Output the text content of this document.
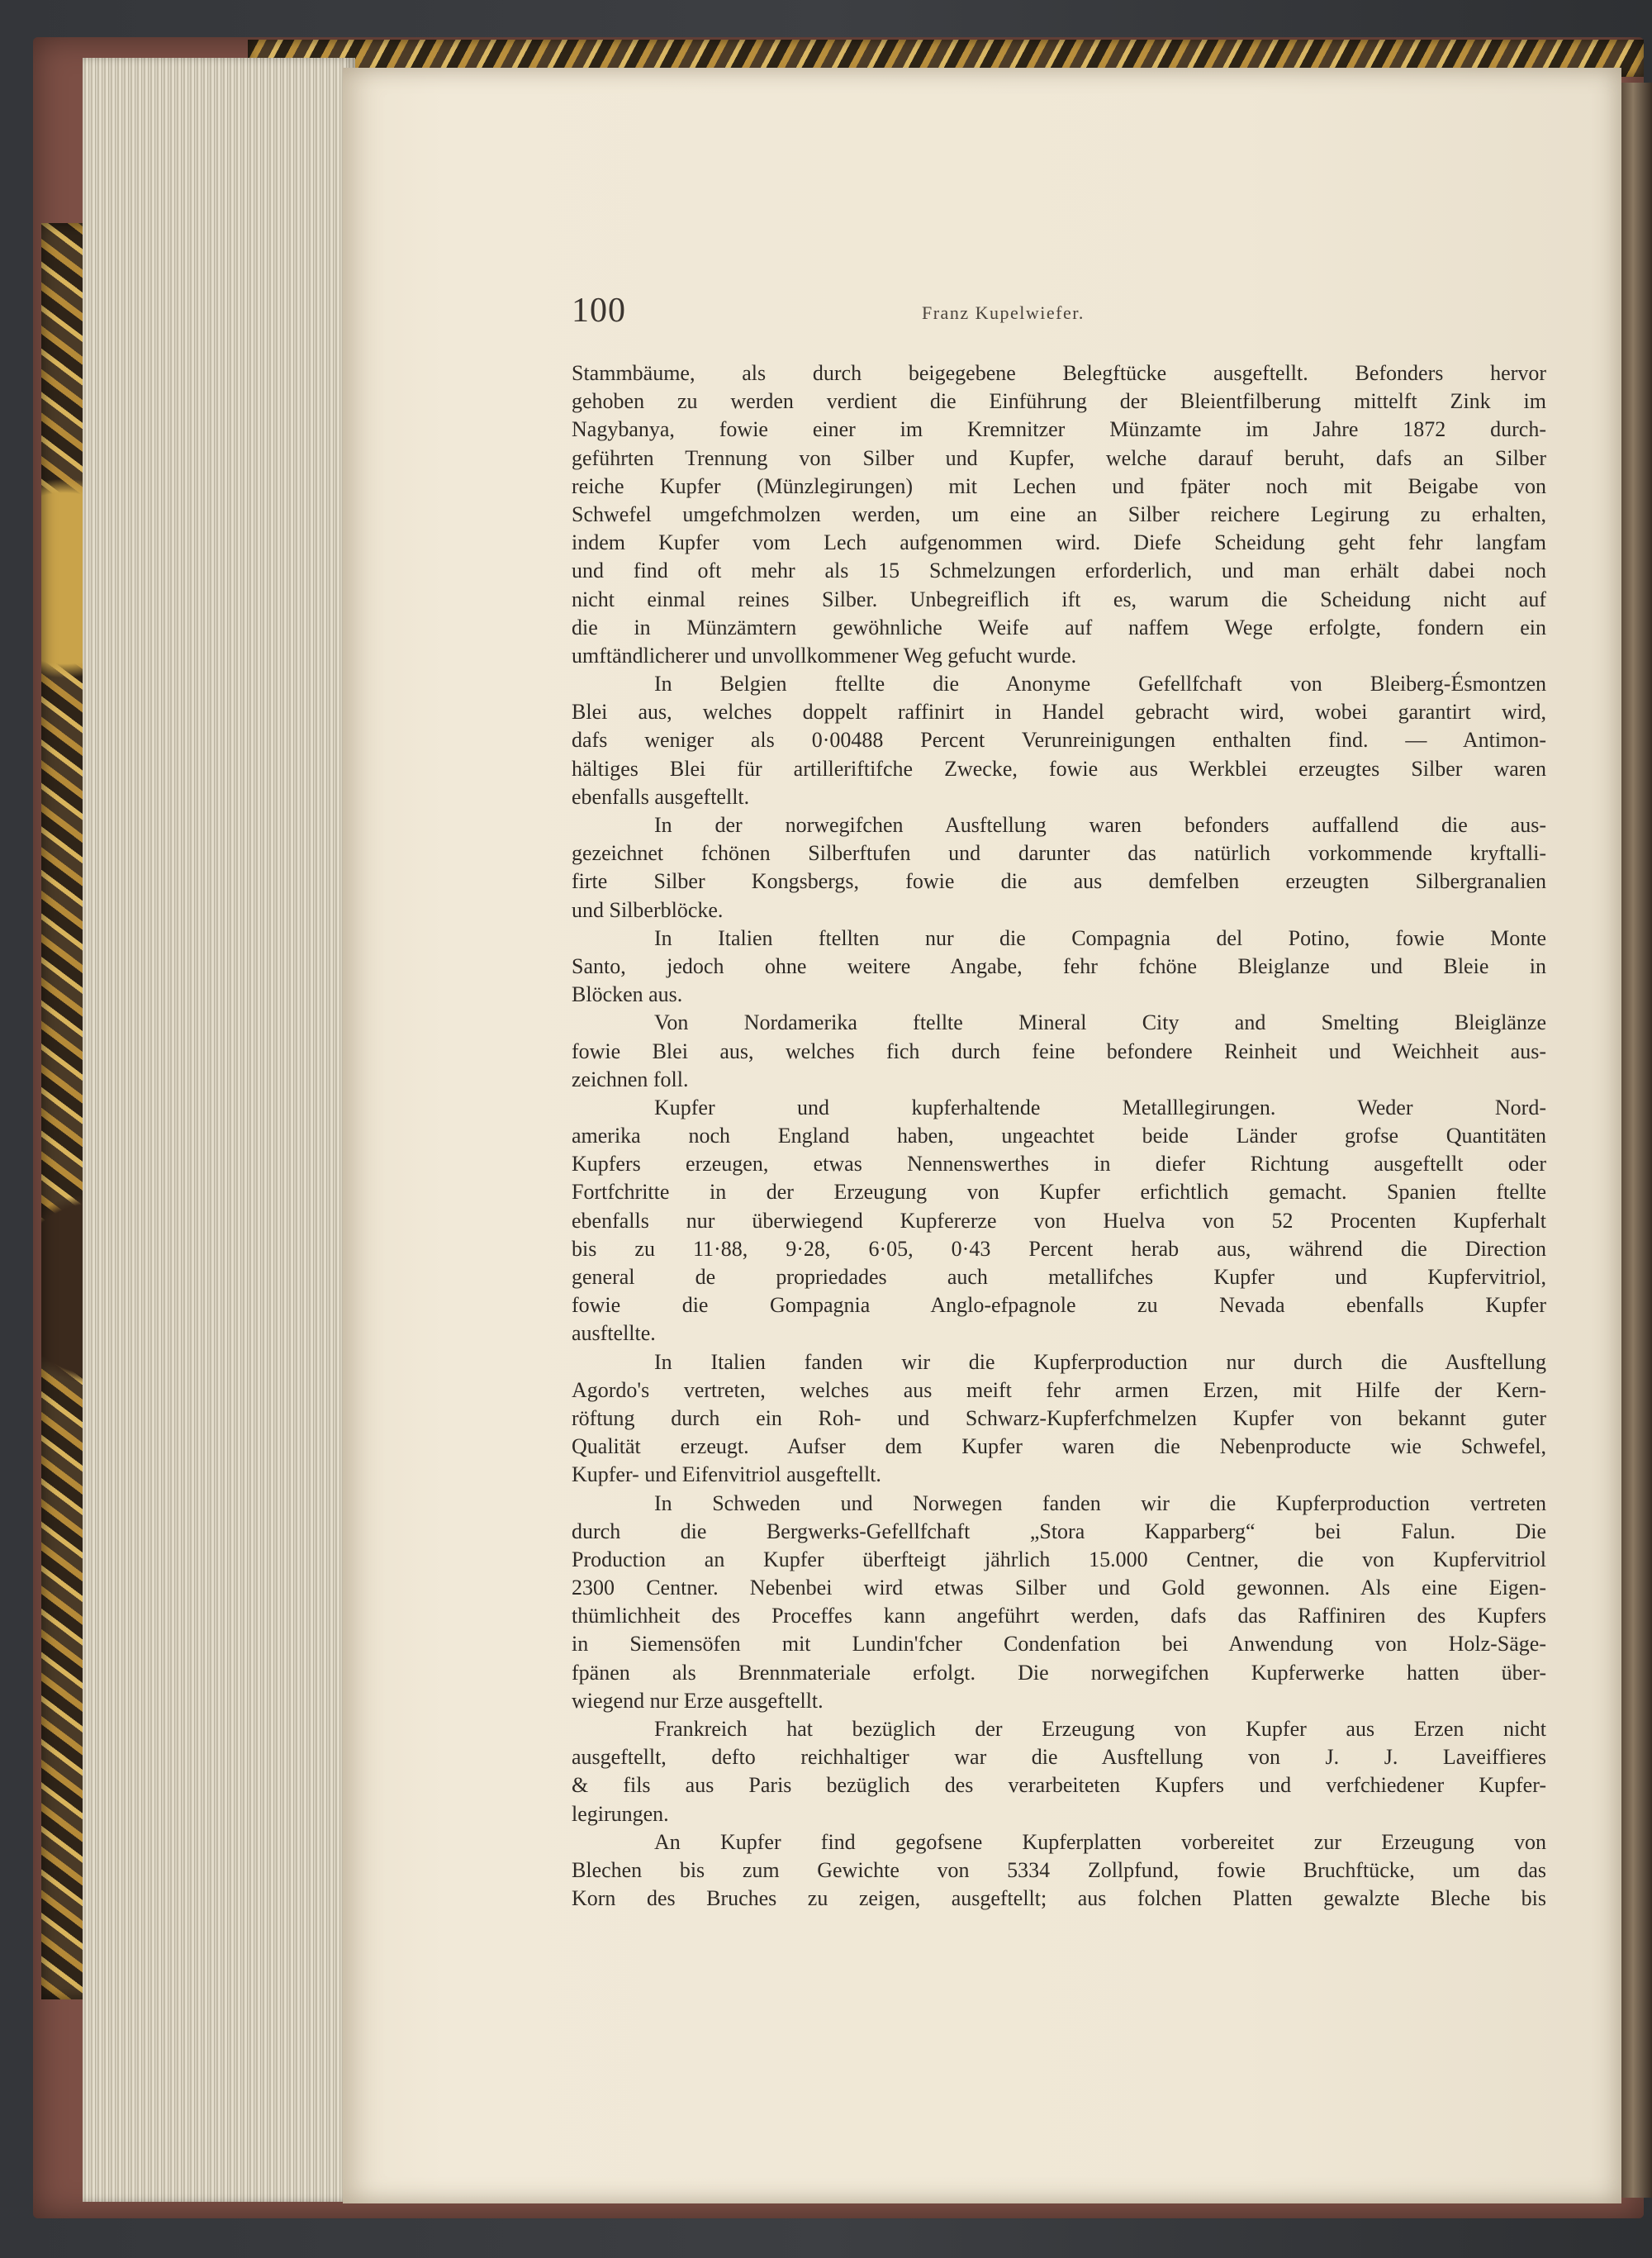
100	Franz Kupelwiefer.
Stammbäume, als durch beigegebene Belegftücke ausgeftellt. Befonders hervor
gehoben zu werden verdient die Einführung der Bleientfilberung mittelft Zink im
Nagybanya, fowie einer im Kremnitzer Münzamte im Jahre 1872 durch-
geführten Trennung von Silber und Kupfer, welche darauf beruht, dafs an Silber
reiche Kupfer (Münzlegirungen) mit Lechen und fpäter noch mit Beigabe von
Schwefel umgefchmolzen werden, um eine an Silber reichere Legirung zu erhalten,
indem Kupfer vom Lech aufgenommen wird. Diefe Scheidung geht fehr langfam
und find oft mehr als 15 Schmelzungen erforderlich, und man erhält dabei noch
nicht einmal reines Silber. Unbegreiflich ift es, warum die Scheidung nicht auf
die in Münzämtern gewöhnliche Weife auf naffem Wege erfolgte, fondern ein
umftändlicherer und unvollkommener Weg gefucht wurde.
In Belgien ftellte die Anonyme Gefellfchaft von Bleiberg-Ésmontzen
Blei aus, welches doppelt raffinirt in Handel gebracht wird, wobei garantirt wird,
dafs weniger als 0·00488 Percent Verunreinigungen enthalten find. — Antimon-
hältiges Blei für artilleriftifche Zwecke, fowie aus Werkblei erzeugtes Silber waren
ebenfalls ausgeftellt.
In der norwegifchen Ausftellung waren befonders auffallend die aus-
gezeichnet fchönen Silberftufen und darunter das natürlich vorkommende kryftalli-
firte Silber Kongsbergs, fowie die aus demfelben erzeugten Silbergranalien
und Silberblöcke.
In Italien ftellten nur die Compagnia del Potino, fowie Monte
Santo, jedoch ohne weitere Angabe, fehr fchöne Bleiglanze und Bleie in
Blöcken aus.
Von Nordamerika ftellte Mineral City and Smelting Bleiglänze
fowie Blei aus, welches fich durch feine befondere Reinheit und Weichheit aus-
zeichnen foll.
Kupfer und kupferhaltende Metalllegirungen. Weder Nord-
amerika noch England haben, ungeachtet beide Länder grofse Quantitäten
Kupfers erzeugen, etwas Nennenswerthes in diefer Richtung ausgeftellt oder
Fortfchritte in der Erzeugung von Kupfer erfichtlich gemacht. Spanien ftellte
ebenfalls nur überwiegend Kupfererze von Huelva von 52 Procenten Kupferhalt
bis zu 11·88, 9·28, 6·05, 0·43 Percent herab aus, während die Direction
general de propriedades auch metallifches Kupfer und Kupfervitriol,
fowie die Gompagnia Anglo-efpagnole zu Nevada ebenfalls Kupfer
ausftellte.
In Italien fanden wir die Kupferproduction nur durch die Ausftellung
Agordo's vertreten, welches aus meift fehr armen Erzen, mit Hilfe der Kern-
röftung durch ein Roh- und Schwarz-Kupferfchmelzen Kupfer von bekannt guter
Qualität erzeugt. Aufser dem Kupfer waren die Nebenproducte wie Schwefel,
Kupfer- und Eifenvitriol ausgeftellt.
In Schweden und Norwegen fanden wir die Kupferproduction vertreten
durch die Bergwerks-Gefellfchaft „Stora Kapparberg“ bei Falun. Die
Production an Kupfer überfteigt jährlich 15.000 Centner, die von Kupfervitriol
2300 Centner. Nebenbei wird etwas Silber und Gold gewonnen. Als eine Eigen-
thümlichheit des Proceffes kann angeführt werden, dafs das Raffiniren des Kupfers
in Siemensöfen mit Lundin'fcher Condenfation bei Anwendung von Holz-Säge-
fpänen als Brennmateriale erfolgt. Die norwegifchen Kupferwerke hatten über-
wiegend nur Erze ausgeftellt.
Frankreich hat bezüglich der Erzeugung von Kupfer aus Erzen nicht
ausgeftellt, defto reichhaltiger war die Ausftellung von J. J. Laveiffieres
& fils aus Paris bezüglich des verarbeiteten Kupfers und verfchiedener Kupfer-
legirungen.
An Kupfer find gegofsene Kupferplatten vorbereitet zur Erzeugung von
Blechen bis zum Gewichte von 5334 Zollpfund, fowie Bruchftücke, um das
Korn des Bruches zu zeigen, ausgeftellt; aus folchen Platten gewalzte Bleche bis
